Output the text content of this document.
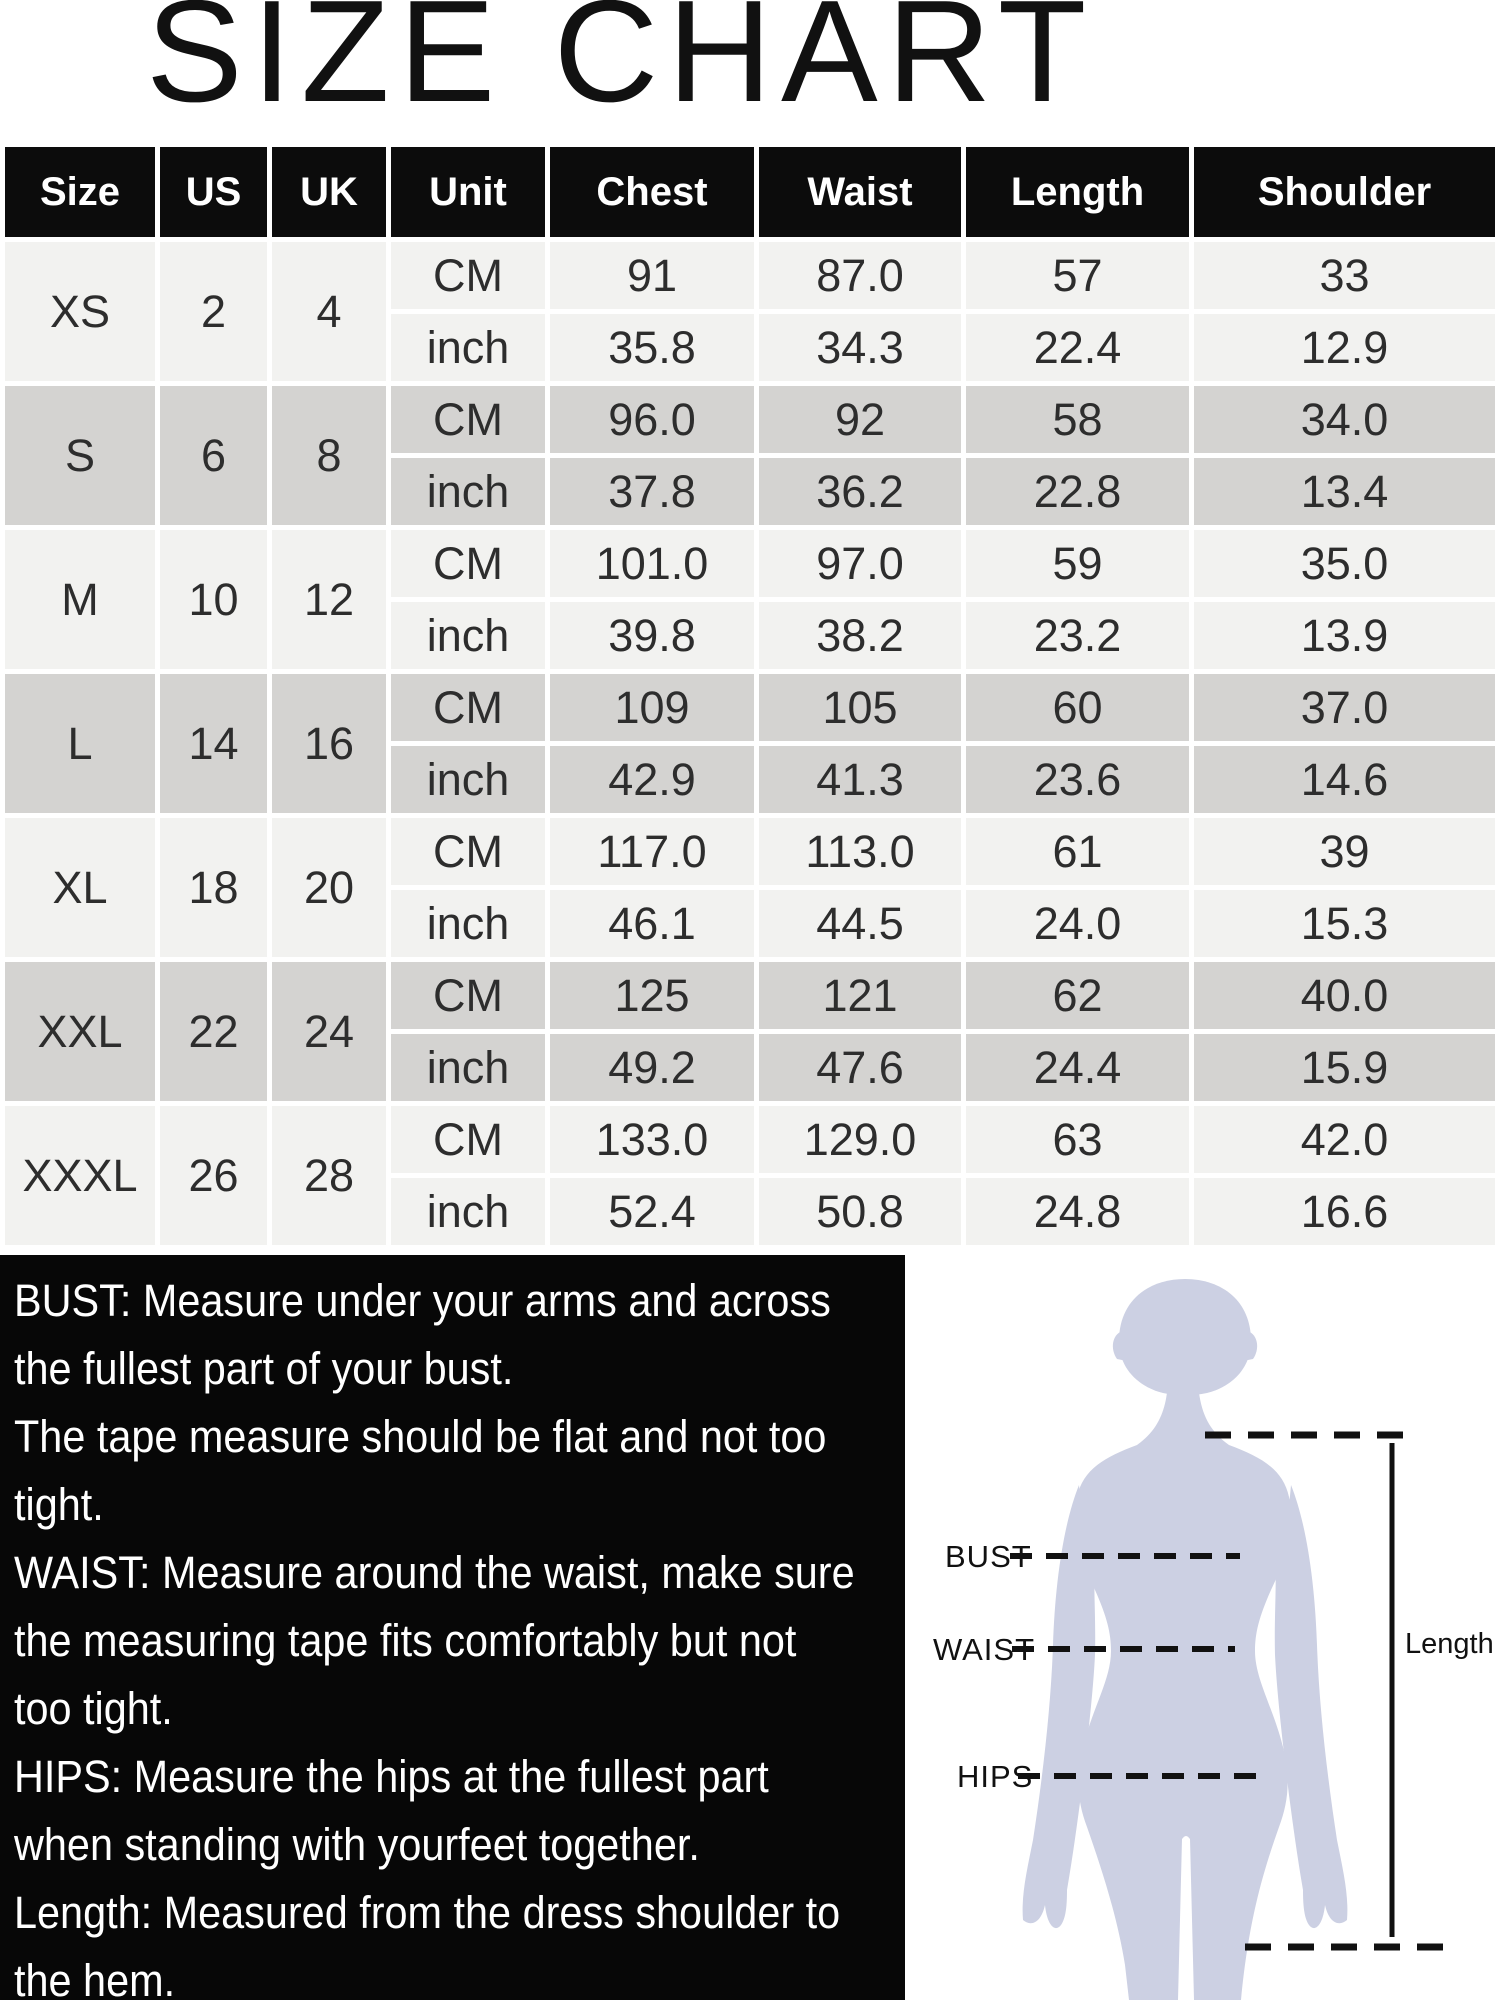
SIZE CHART
Size	US	UK	Unit	Chest	Waist	Length	Shoulder
XS	2	4	CM	91	87.0	57	33
			inch	35.8	34.3	22.4	12.9
S	6	8	CM	96.0	92	58	34.0
			inch	37.8	36.2	22.8	13.4
M	10	12	CM	101.0	97.0	59	35.0
			inch	39.8	38.2	23.2	13.9
L	14	16	CM	109	105	60	37.0
			inch	42.9	41.3	23.6	14.6
XL	18	20	CM	117.0	113.0	61	39
			inch	46.1	44.5	24.0	15.3
XXL	22	24	CM	125	121	62	40.0
			inch	49.2	47.6	24.4	15.9
XXXL	26	28	CM	133.0	129.0	63	42.0
			inch	52.4	50.8	24.8	16.6
BUST: Measure under your arms and across
the fullest part of your bust.
The tape measure should be flat and not too
tight.
WAIST: Measure around the waist, make sure
the measuring tape fits comfortably but not
too tight.
HIPS: Measure the hips at the fullest part
when standing with yourfeet together.
Length: Measured from the dress shoulder to
the hem.
BUST
WAIST
HIPS
Length
